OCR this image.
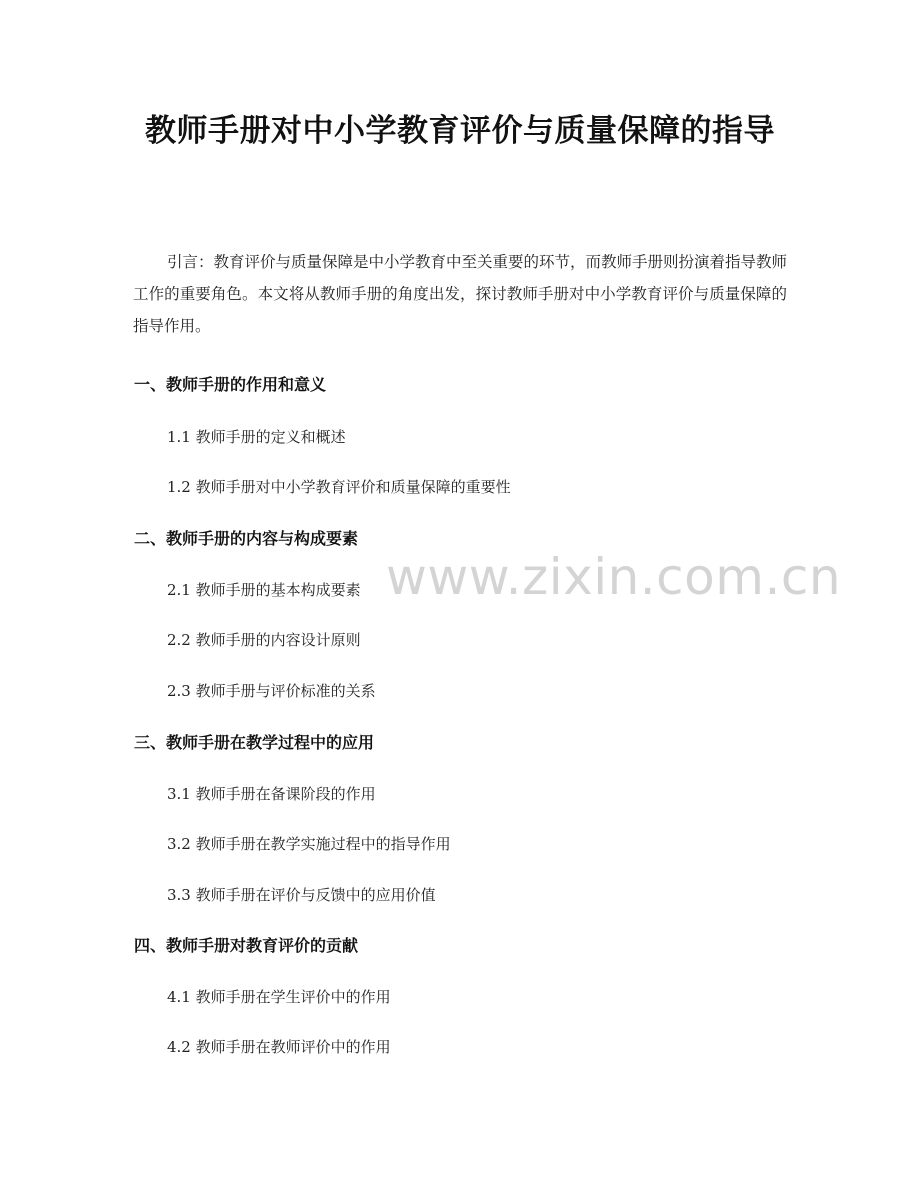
教师手册对中小学教育评价与质量保障的指导

引言：教育评价与质量保障是中小学教育中至关重要的环节，而教师手册则扮演着指导教师工作的重要角色。本文将从教师手册的角度出发，探讨教师手册对中小学教育评价与质量保障的指导作用。

www.zixin.com.cn
一、教师手册的作用和意义
1.1 教师手册的定义和概述
1.2 教师手册对中小学教育评价和质量保障的重要性
二、教师手册的内容与构成要素
2.1 教师手册的基本构成要素
2.2 教师手册的内容设计原则
2.3 教师手册与评价标准的关系
三、教师手册在教学过程中的应用
3.1 教师手册在备课阶段的作用
3.2 教师手册在教学实施过程中的指导作用
3.3 教师手册在评价与反馈中的应用价值
四、教师手册对教育评价的贡献
4.1 教师手册在学生评价中的作用
4.2 教师手册在教师评价中的作用
